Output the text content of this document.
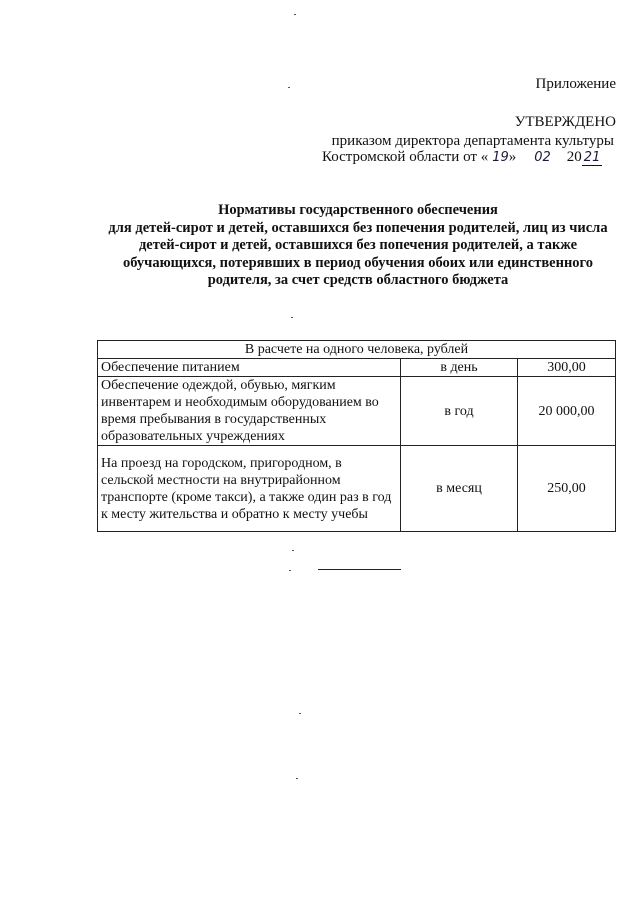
Приложение
УТВЕРЖДЕНО
приказом директора департамента культуры
Костромской области от « 19» 02 20 21
Нормативы государственного обеспечения
для детей-сирот и детей, оставшихся без попечения родителей, лиц из числа детей-сирот и детей, оставшихся без попечения родителей, а также обучающихся, потерявших в период обучения обоих или единственного родителя, за счет средств областного бюджета
В расчете на одного человека, рублей		
Обеспечение питанием	в день	300,00
Обеспечение одеждой, обувью, мягким инвентарем и необходимым оборудованием во время пребывания в государственных образовательных учреждениях	в год	20 000,00
На проезд на городском, пригородном, в сельской местности на внутрирайонном транспорте (кроме такси), а также один раз в год к месту жительства и обратно к месту учебы	в месяц	250,00
